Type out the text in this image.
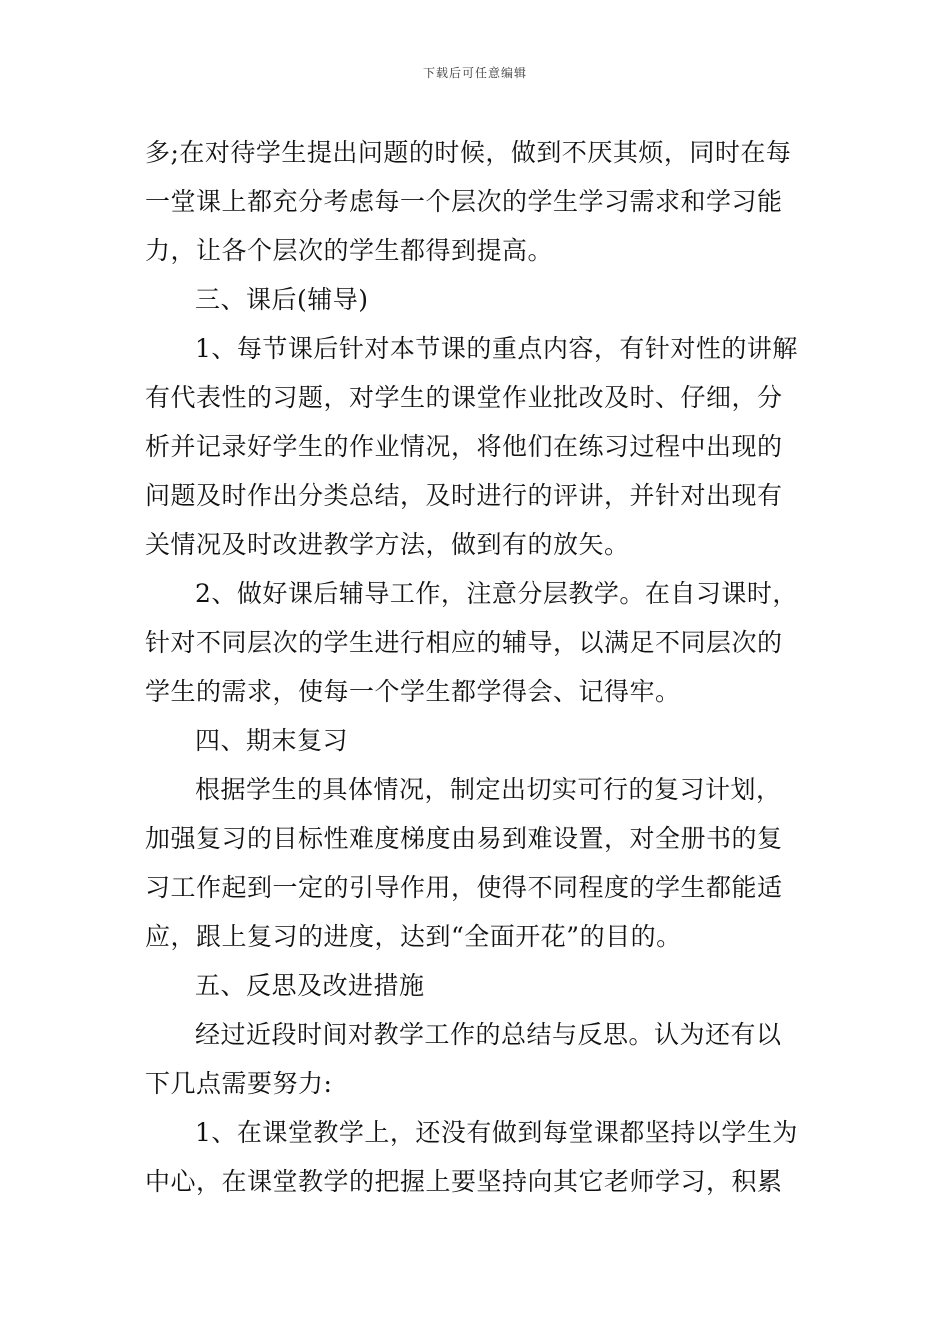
下载后可任意编辑
多;在对待学生提出问题的时候，做到不厌其烦，同时在每
一堂课上都充分考虑每一个层次的学生学习需求和学习能
力，让各个层次的学生都得到提高。
三、课后(辅导)
1、每节课后针对本节课的重点内容，有针对性的讲解
有代表性的习题，对学生的课堂作业批改及时、仔细，分
析并记录好学生的作业情况，将他们在练习过程中出现的
问题及时作出分类总结，及时进行的评讲，并针对出现有
关情况及时改进教学方法，做到有的放矢。
2、做好课后辅导工作，注意分层教学。在自习课时，
针对不同层次的学生进行相应的辅导，以满足不同层次的
学生的需求，使每一个学生都学得会、记得牢。
四、期末复习
根据学生的具体情况，制定出切实可行的复习计划，
加强复习的目标性难度梯度由易到难设置，对全册书的复
习工作起到一定的引导作用，使得不同程度的学生都能适
应，跟上复习的进度，达到“全面开花”的目的。
五、反思及改进措施
经过近段时间对教学工作的总结与反思。认为还有以
下几点需要努力:
1、在课堂教学上，还没有做到每堂课都坚持以学生为
中心，在课堂教学的把握上要坚持向其它老师学习，积累
